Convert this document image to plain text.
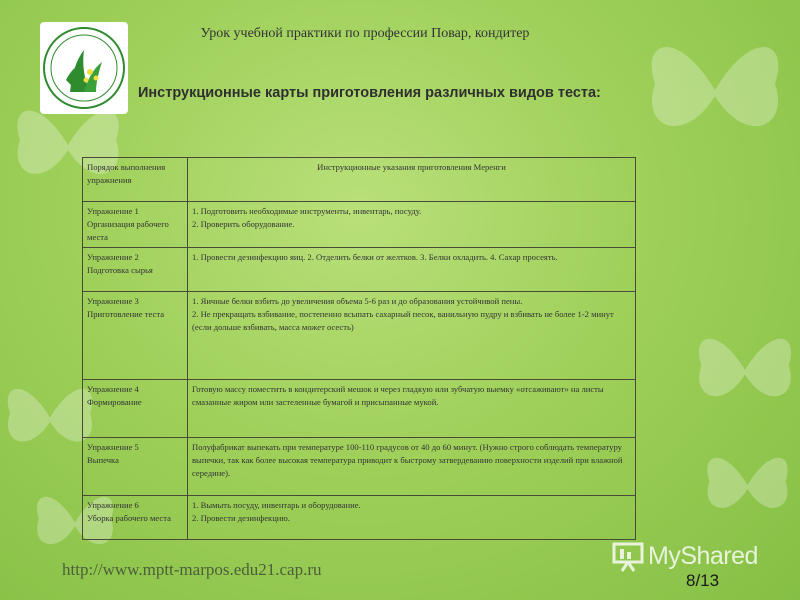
Урок учебной практики по профессии Повар, кондитер
Инструкционные карты приготовления различных видов теста:
Порядок выполнения упражнения	Инструкционные указания приготовления Меренги

Упражнение 1
Организация рабочего места	1. Подготовить необходимые инструменты, инвентарь, посуду.
2. Проверить оборудование.

Упражнение 2
Подготовка сырья	1. Провести дезинфекцию яиц. 2. Отделить белки от желтков. 3. Белки охладить. 4. Сахар просеять.

Упражнение 3
Приготовление теста	1. Яичные белки взбить до увеличения объема 5-6 раз и до образования устойчивой пены.
2. Не прекращать взбивание, постепенно всыпать сахарный песок, ванильную пудру и взбивать не более 1-2 минут (если дольше взбивать, масса может осесть)

Упражнение 4
Формирование	Готовую массу поместить в кондитерский мешок и через гладкую или зубчатую выемку «отсаживают» на листы смазанные жиром или застеленные бумагой и присыпанные мукой.

Упражнение 5
Выпечка	Полуфабрикат выпекать при температуре 100-110 градусов от 40 до 60 минут. (Нужно строго соблюдать температуру выпечки, так как более высокая температура приводит к быстрому затвердеванию поверхности изделий при влажной середине).

Упражнение 6
Уборка рабочего места	1. Вымыть посуду, инвентарь и оборудование.
2. Провести дезинфекцию.
http://www.mptt-marpos.edu21.cap.ru	MyShared
8/13
